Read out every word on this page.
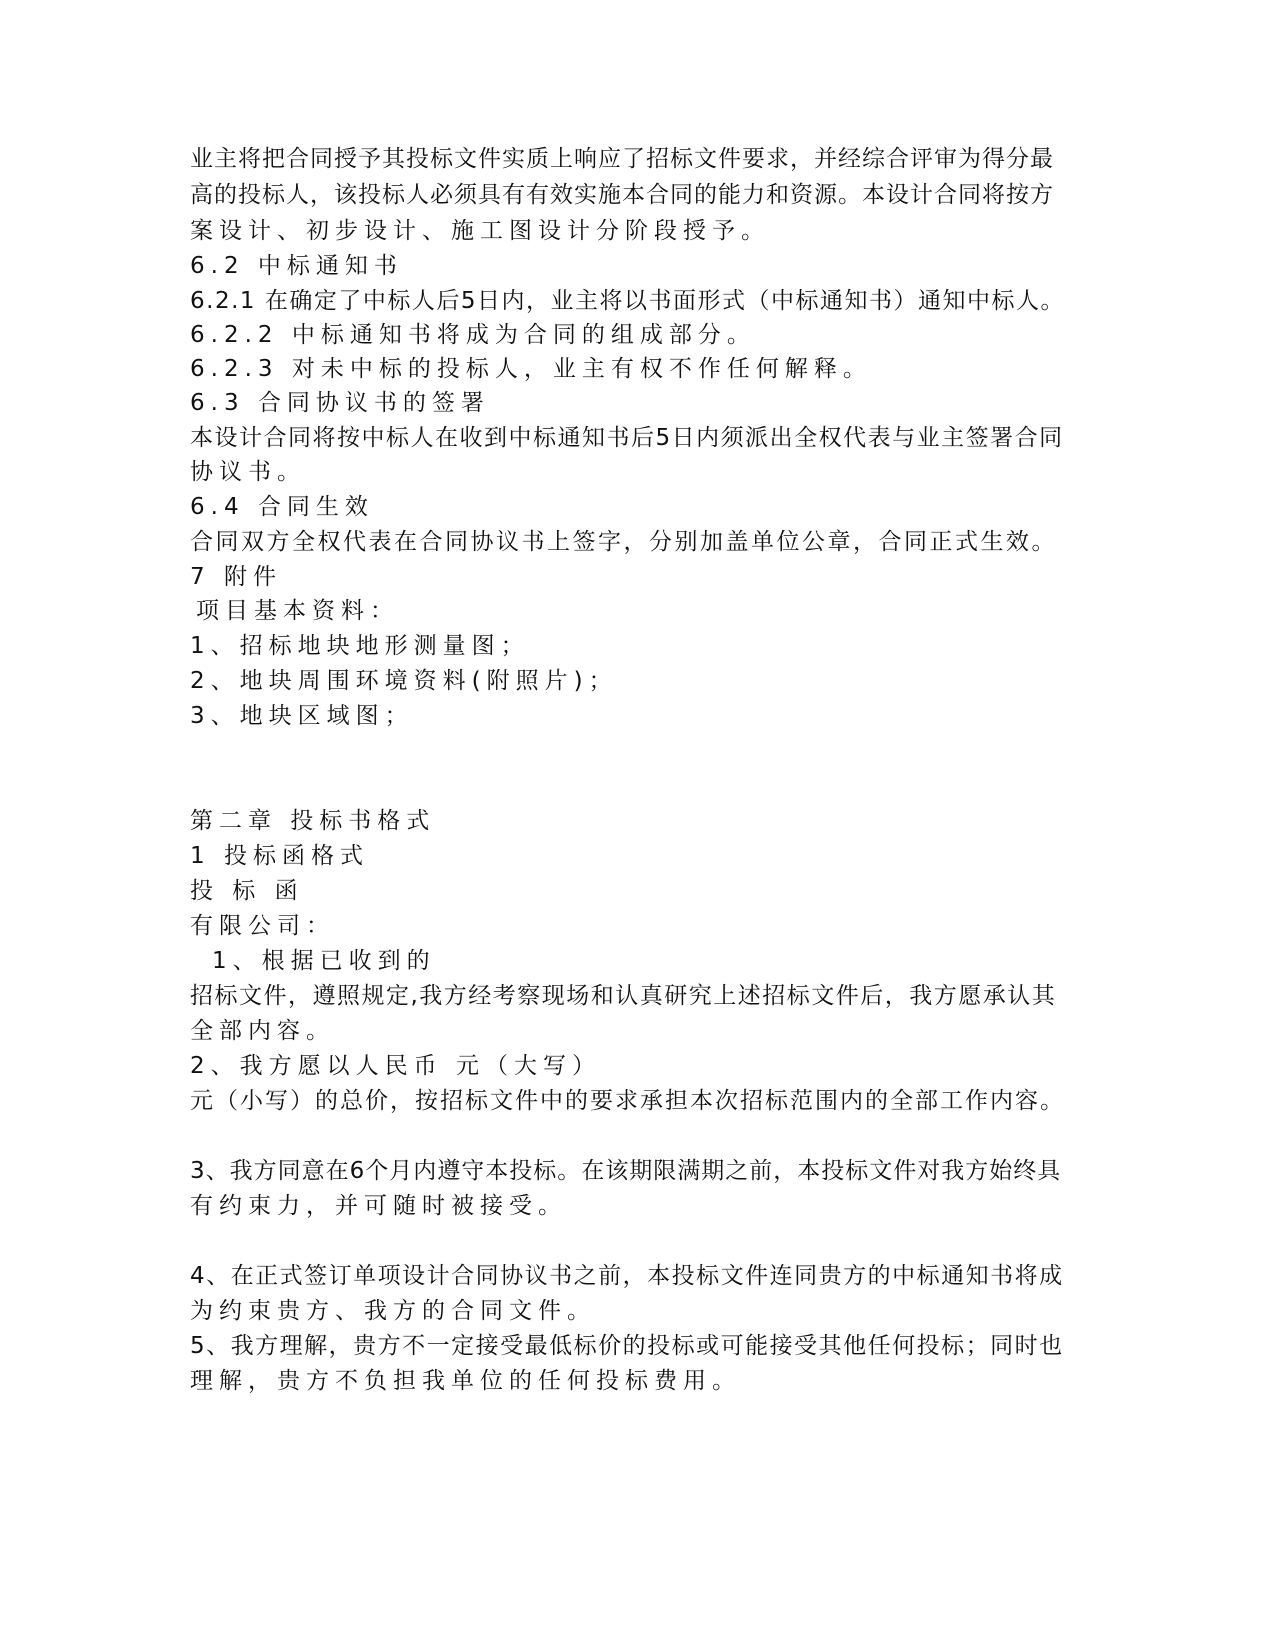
业主将把合同授予其投标文件实质上响应了招标文件要求，并经综合评审为得分最
高的投标人，该投标人必须具有有效实施本合同的能力和资源。本设计合同将按方
案设计、初步设计、施工图设计分阶段授予。
6.2 中标通知书
6.2.1 在确定了中标人后5日内，业主将以书面形式（中标通知书）通知中标人。
6.2.2 中标通知书将成为合同的组成部分。
6.2.3 对未中标的投标人，业主有权不作任何解释。
6.3 合同协议书的签署
本设计合同将按中标人在收到中标通知书后5日内须派出全权代表与业主签署合同
协议书。
6.4 合同生效
合同双方全权代表在合同协议书上签字，分别加盖单位公章，合同正式生效。
7 附件
项目基本资料：
1、招标地块地形测量图；
2、地块周围环境资料(附照片)；
3、地块区域图；
第二章 投标书格式
1 投标函格式
投 标 函
有限公司：
1、根据已收到的
招标文件，遵照规定,我方经考察现场和认真研究上述招标文件后，我方愿承认其
全部内容。
2、我方愿以人民币 元（大写）
元（小写）的总价，按招标文件中的要求承担本次招标范围内的全部工作内容。
3、我方同意在6个月内遵守本投标。在该期限满期之前，本投标文件对我方始终具
有约束力，并可随时被接受。
4、在正式签订单项设计合同协议书之前，本投标文件连同贵方的中标通知书将成
为约束贵方、我方的合同文件。
5、我方理解，贵方不一定接受最低标价的投标或可能接受其他任何投标；同时也
理解，贵方不负担我单位的任何投标费用。
